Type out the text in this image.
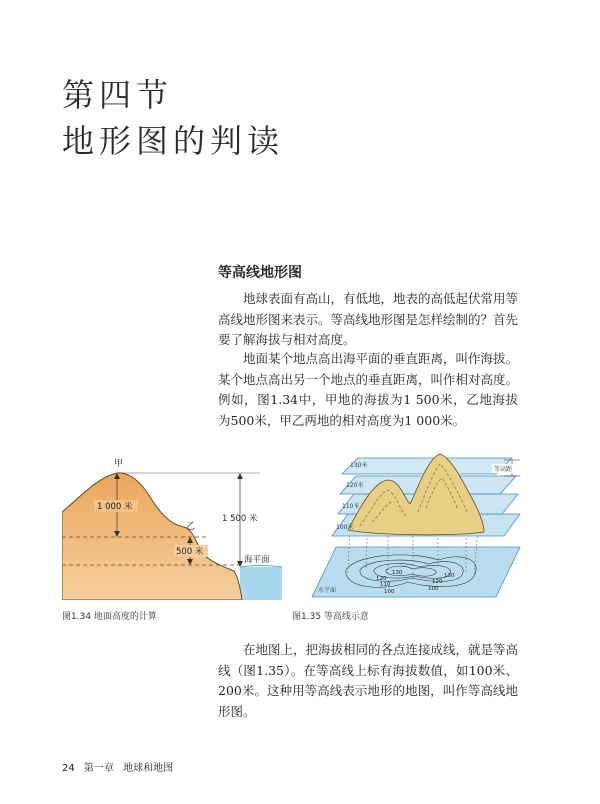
第四节
地形图的判读
等高线地形图

地球表面有高山，有低地，地表的高低起伏常用等高线地形图来表示。等高线地形图是怎样绘制的？首先要了解海拔与相对高度。

地面某个地点高出海平面的垂直距离，叫作海拔。某个地点高出另一个地点的垂直距离，叫作相对高度。例如，图1.34中，甲地的海拔为1 500米，乙地海拔为500米，甲乙两地的相对高度为1 000米。

甲
1 000 米
乙
500 米
1 500 米
海平面
130米
120米
110米
100米
等高距
水平面
130
120
110
100
130
120
100
图1.34 地面高度的计算	图1.35 等高线示意

在地图上，把海拔相同的各点连接成线，就是等高线（图1.35）。在等高线上标有海拔数值，如100米、200米。这种用等高线表示地形的地图，叫作等高线地形图。

24 第一章 地球和地图
